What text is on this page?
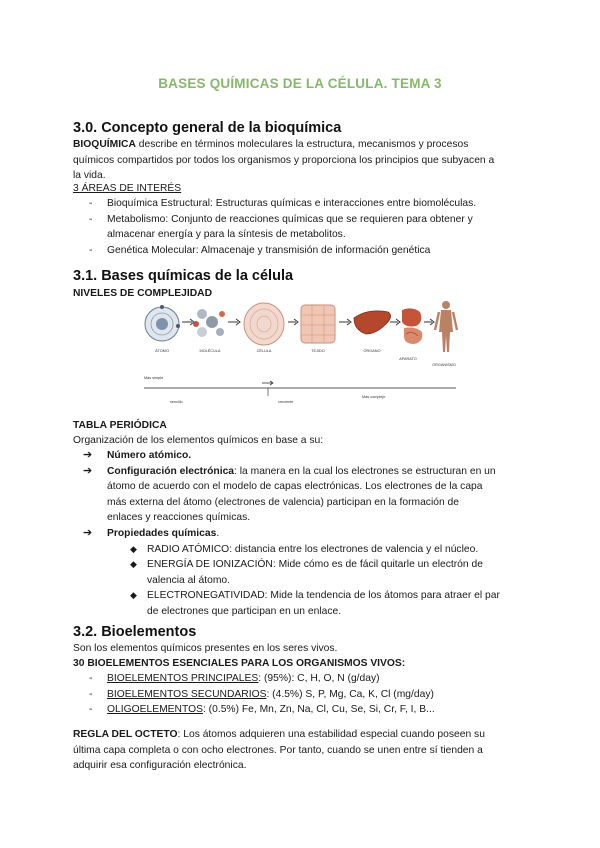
BASES QUÍMICAS DE LA CÉLULA. TEMA 3
3.0. Concepto general de la bioquímica
BIOQUÍMICA describe en términos moleculares la estructura, mecanismos y procesos
químicos compartidos por todos los organismos y proporciona los principios que subyacen a
la vida.
3 ÁREAS DE INTERÉS
- Bioquímica Estructural: Estructuras químicas e interacciones entre biomoléculas.
- Metabolismo: Conjunto de reacciones químicas que se requieren para obtener y
almacenar energía y para la síntesis de metabolitos.
- Genética Molecular: Almacenaje y transmisión de información genética
3.1. Bases químicas de la célula
NIVELES DE COMPLEJIDAD
ÁTOMO	MOLÉCULA	CÉLULA	TEJIDO	ÓRGANO
APARATO
ORGANISMO
Más simple
sencillo	creciente
Más complejo
TABLA PERIÓDICA
Organización de los elementos químicos en base a su:
➔ Número atómico.
➔ Configuración electrónica: la manera en la cual los electrones se estructuran en un
átomo de acuerdo con el modelo de capas electrónicas. Los electrones de la capa
más externa del átomo (electrones de valencia) participan en la formación de
enlaces y reacciones químicas.
➔ Propiedades químicas.
◆ RADIO ATÓMICO: distancia entre los electrones de valencia y el núcleo.
◆ ENERGÍA DE IONIZACIÓN: Mide cómo es de fácil quitarle un electrón de
valencia al átomo.
◆ ELECTRONEGATIVIDAD: Mide la tendencia de los átomos para atraer el par
de electrones que participan en un enlace.
3.2. Bioelementos
Son los elementos químicos presentes en los seres vivos.
30 BIOELEMENTOS ESENCIALES PARA LOS ORGANISMOS VIVOS:
- BIOELEMENTOS PRINCIPALES: (95%): C, H, O, N (g/day)
- BIOELEMENTOS SECUNDARIOS: (4.5%) S, P, Mg, Ca, K, Cl (mg/day)
- OLIGOELEMENTOS: (0.5%) Fe, Mn, Zn, Na, Cl, Cu, Se, Si, Cr, F, I, B...
REGLA DEL OCTETO: Los átomos adquieren una estabilidad especial cuando poseen su
última capa completa o con ocho electrones. Por tanto, cuando se unen entre sí tienden a
adquirir esa configuración electrónica.
